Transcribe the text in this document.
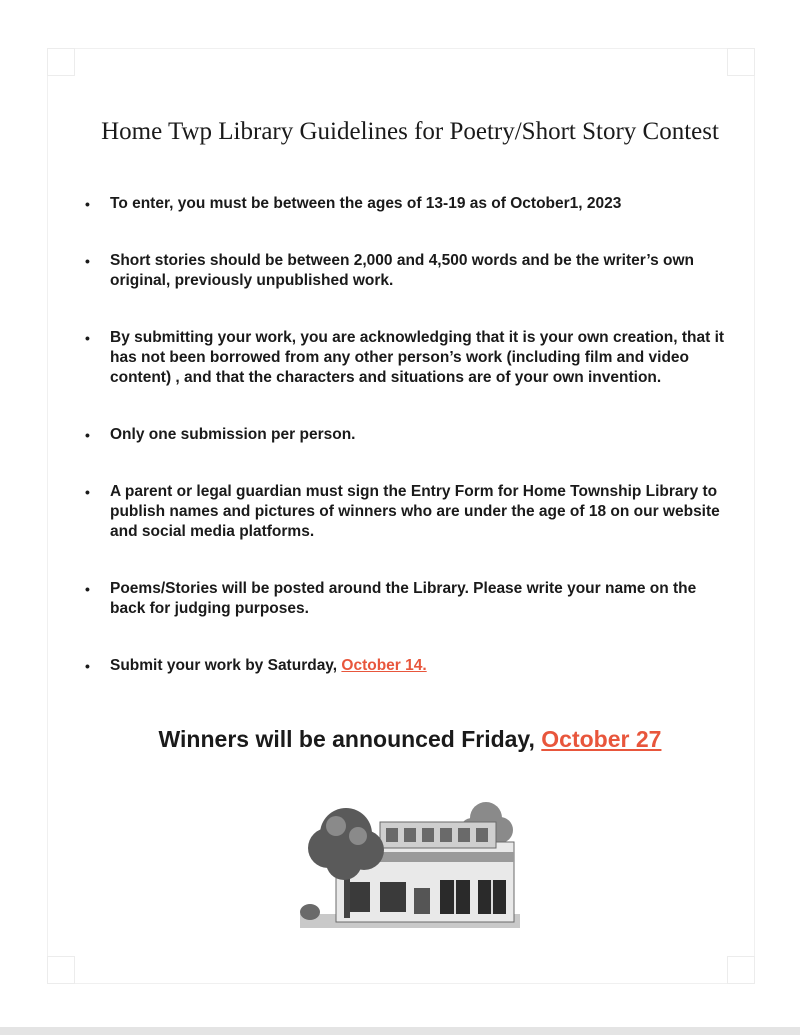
Home Twp Library Guidelines for Poetry/Short Story Contest
• To enter, you must be between the ages of 13-19 as of October1, 2023
• Short stories should be between 2,000 and 4,500 words and be the writer’s own original, previously unpublished work.
• By submitting your work, you are acknowledging that it is your own creation, that it has not been borrowed from any other person’s work (including film and video content) , and that the characters and situations are of your own invention.
• Only one submission per person.
• A parent or legal guardian must sign the Entry Form for Home Township Library to publish names and pictures of winners who are under the age of 18 on our website and social media platforms.
• Poems/Stories will be posted around the Library. Please write your name on the back for judging purposes.
• Submit your work by Saturday, October 14.

Winners will be announced Friday, October 27
